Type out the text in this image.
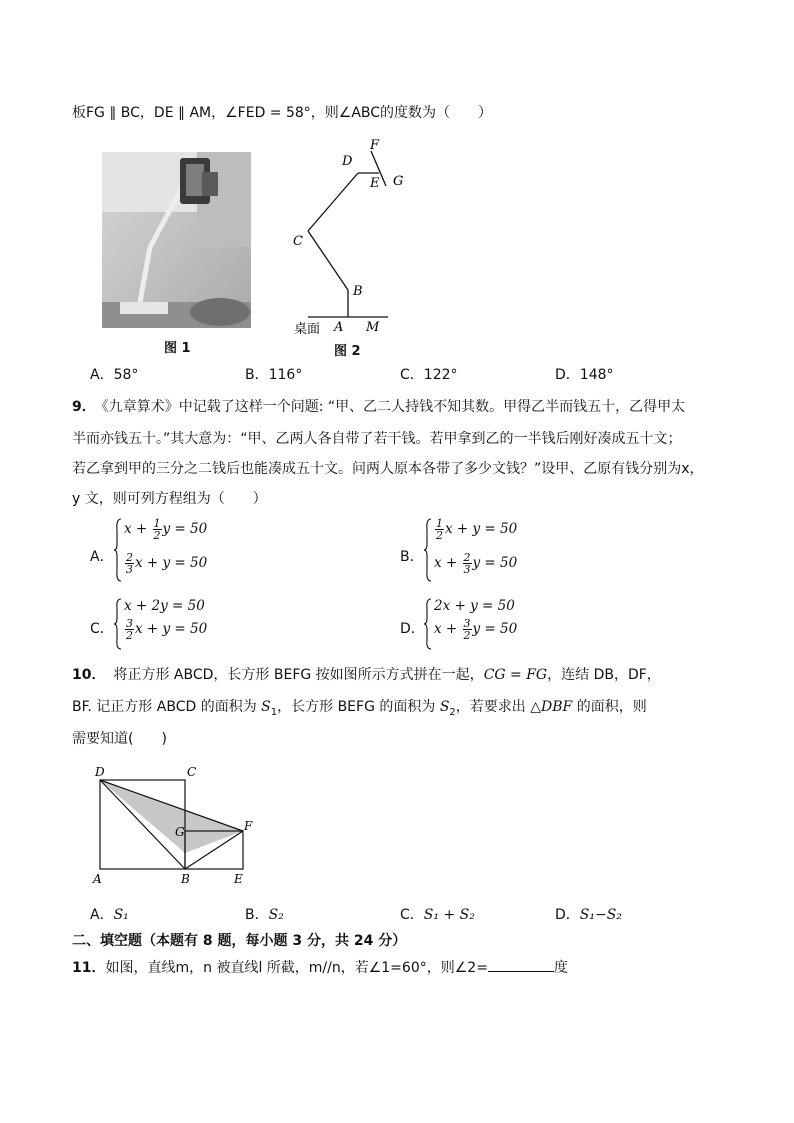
板FG ∥ BC，DE ∥ AM，∠FED = 58°，则∠ABC的度数为（　　）
图 1
D
F
E G
C
B
A M
桌面
图 2
A．58°	B．116°	C．122°	D．148°
9． 《九章算术》中记载了这样一个问题: “甲、乙二人持钱不知其数。甲得乙半而钱五十，乙得甲太
半而亦钱五十。”其大意为：“甲、乙两人各自带了若干钱。若甲拿到乙的一半钱后刚好凑成五十文；
若乙拿到甲的三分之二钱后也能凑成五十文。问两人原本各带了多少文钱？”设甲、乙原有钱分别为x，
y 文，则可列方程组为（　　）
A．
$x + \frac{1}{2}$ y = 50
$\frac{2}{3}$ x + y = 50	B．
$\frac{1}{2}$ x + y = 50
$x + \frac{2}{3}$ y = 50
C．
x + 2y = 50
$\frac{3}{2}$ x + y = 50	D．
2x + y = 50
$x + \frac{3}{2}$ y = 50
10． 将正方形 ABCD，长方形 BEFG 按如图所示方式拼在一起，CG = FG，连结 DB，DF，
BF. 记正方形 ABCD 的面积为 $S_1$，长方形 BEFG 的面积为 $S_2$，若要求出 △DBF 的面积，则
需要知道(　　)
D	C
G	F
A	B	E
A．S₁	B．S₂	C．S₁ + S₂	D．S₁−S₂
二、填空题（本题有 8 题，每小题 3 分，共 24 分）
11．如图，直线m，n 被直线l 所截，m//n，若∠1=60°，则∠2=	度
